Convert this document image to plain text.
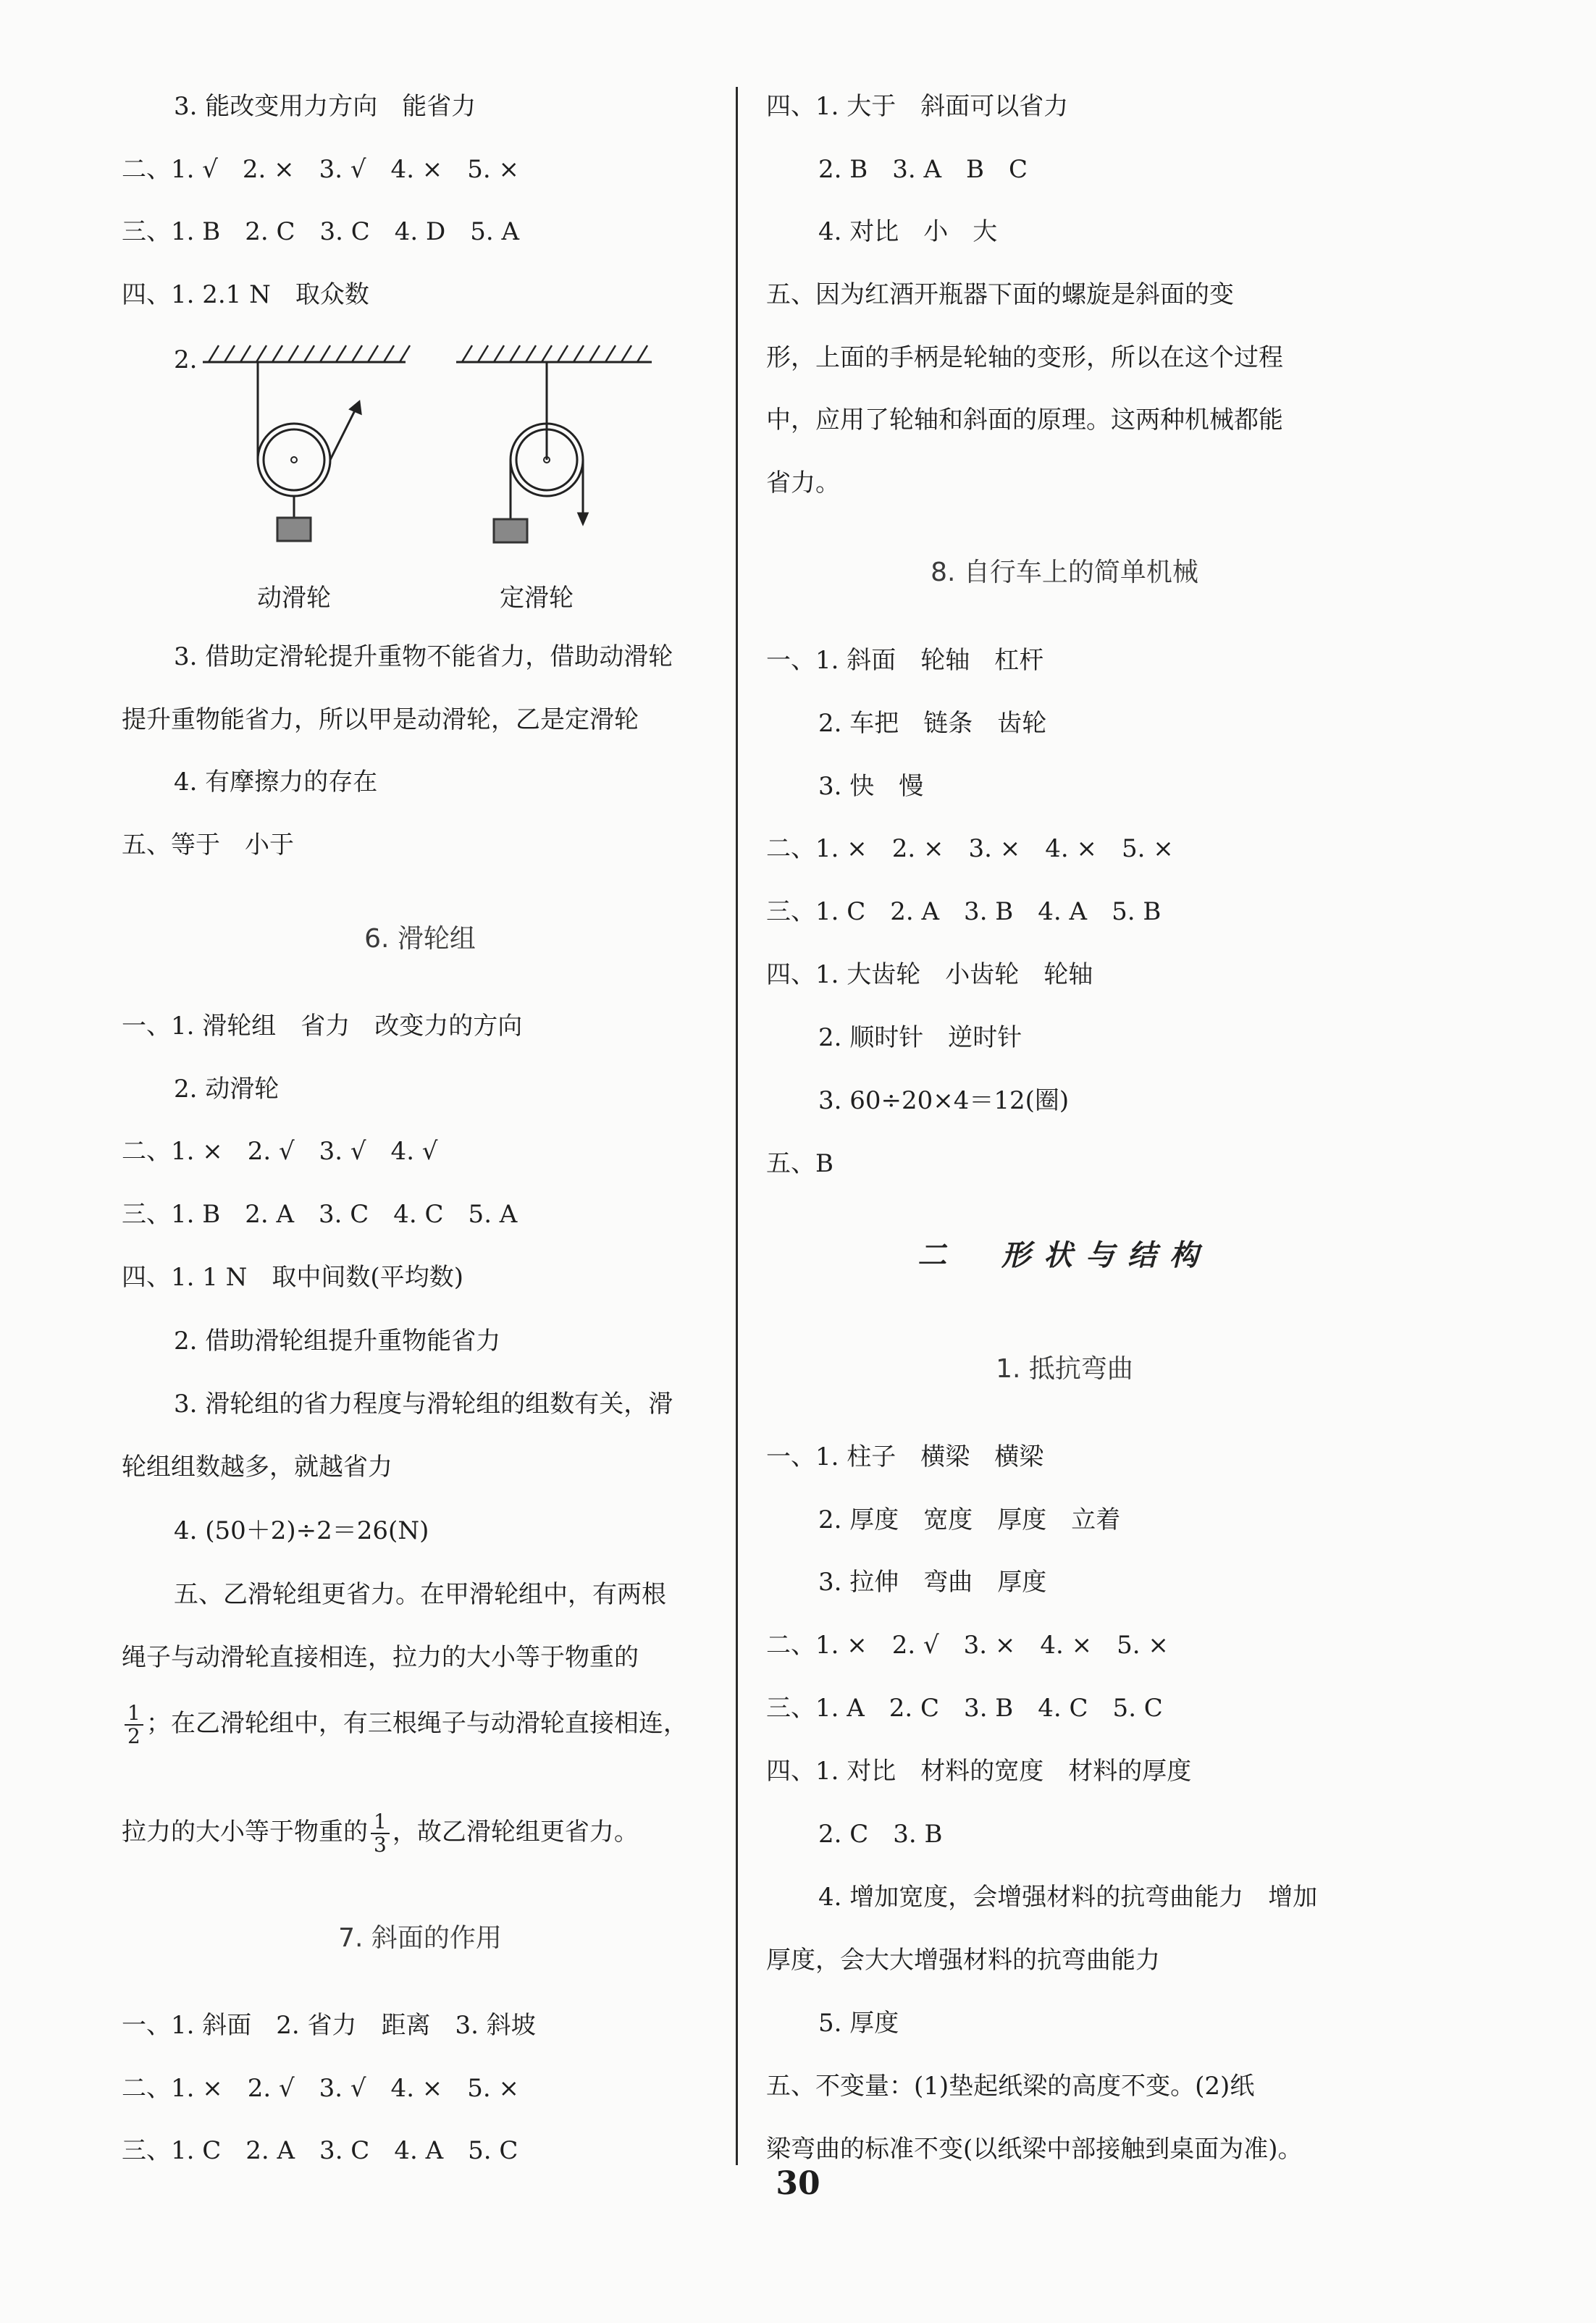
3. 能改变用力方向　能省力
二、1. √　2. ×　3. √　4. ×　5. ×
三、1. B　2. C　3. C　4. D　5. A
四、1. 2.1 N　取众数
2.
3. 借助定滑轮提升重物不能省力，借助动滑轮
提升重物能省力，所以甲是动滑轮，乙是定滑轮
4. 有摩擦力的存在
五、等于　小于
6. 滑轮组
一、1. 滑轮组　省力　改变力的方向
2. 动滑轮
二、1. ×　2. √　3. √　4. √
三、1. B　2. A　3. C　4. C　5. A
四、1. 1 N　取中间数(平均数)
2. 借助滑轮组提升重物能省力
3. 滑轮组的省力程度与滑轮组的组数有关，滑
轮组组数越多，就越省力
4. (50＋2)÷2＝26(N)
五、乙滑轮组更省力。在甲滑轮组中，有两根
绳子与动滑轮直接相连，拉力的大小等于物重的
$\frac{1}{2}$ ；在乙滑轮组中，有三根绳子与动滑轮直接相连，
拉力的大小等于物重的 $\frac{1}{3}$ ，故乙滑轮组更省力。
7. 斜面的作用
一、1. 斜面　2. 省力　距离　3. 斜坡
二、1. ×　2. √　3. √　4. ×　5. ×
三、1. C　2. A　3. C　4. A　5. C
动滑轮	定滑轮
四、1. 大于　斜面可以省力
2. B　3. A　B　C
4. 对比　小　大
五、因为红酒开瓶器下面的螺旋是斜面的变
形，上面的手柄是轮轴的变形，所以在这个过程
中，应用了轮轴和斜面的原理。这两种机械都能
省力。
8. 自行车上的简单机械
一、1. 斜面　轮轴　杠杆
2. 车把　链条　齿轮
3. 快　慢
二、1. ×　2. ×　3. ×　4. ×　5. ×
三、1. C　2. A　3. B　4. A　5. B
四、1. 大齿轮　小齿轮　轮轴
2. 顺时针　逆时针
3. 60÷20×4＝12(圈)
五、B
二　形状与结构
1. 抵抗弯曲
一、1. 柱子　横梁　横梁
2. 厚度　宽度　厚度　立着
3. 拉伸　弯曲　厚度
二、1. ×　2. √　3. ×　4. ×　5. ×
三、1. A　2. C　3. B　4. C　5. C
四、1. 对比　材料的宽度　材料的厚度
2. C　3. B
4. 增加宽度，会增强材料的抗弯曲能力　增加
厚度，会大大增强材料的抗弯曲能力
5. 厚度
五、不变量：(1)垫起纸梁的高度不变。(2)纸
梁弯曲的标准不变(以纸梁中部接触到桌面为准)。
30
